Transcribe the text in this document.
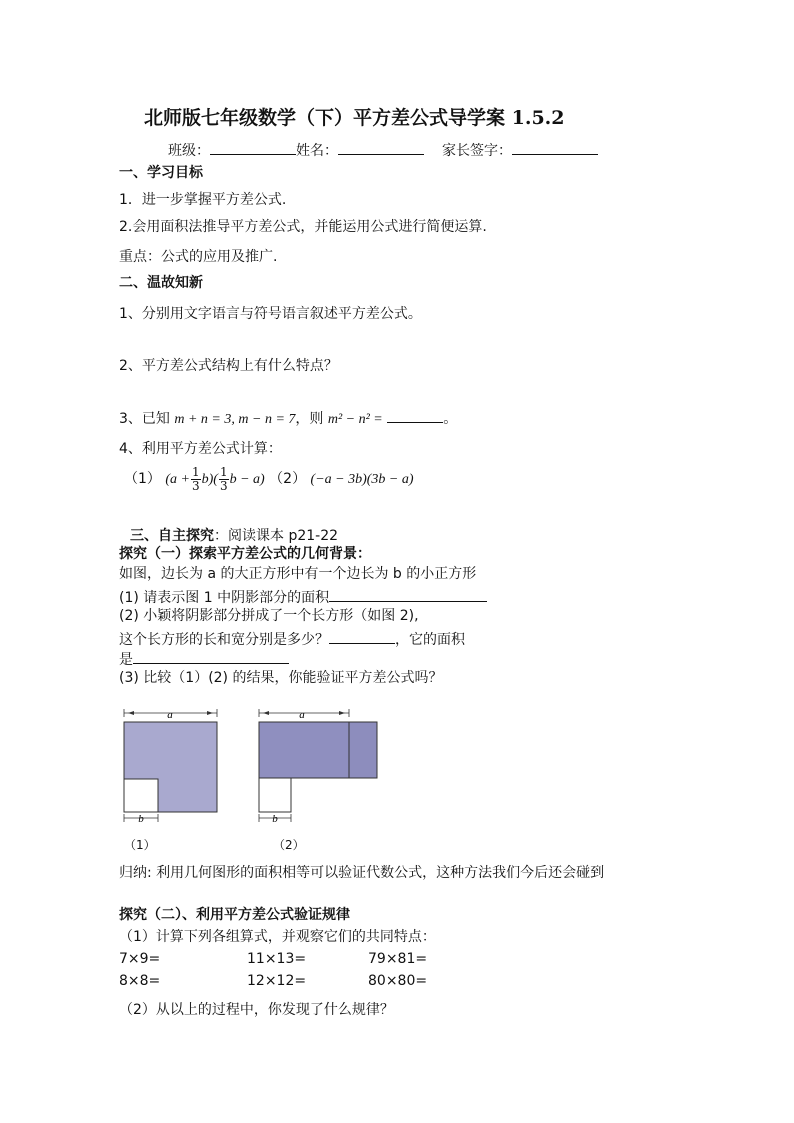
北师版七年级数学（下）平方差公式导学案 1.5.2
班级：	姓名：	家长签字：
一、学习目标
1．进一步掌握平方差公式.
2.会用面积法推导平方差公式，并能运用公式进行简便运算.
重点：公式的应用及推广.
二、温故知新
1、分别用文字语言与符号语言叙述平方差公式。
2、平方差公式结构上有什么特点？
3、已知 m + n = 3, m − n = 7，则 m² − n² =	。
4、利用平方差公式计算：
（1） $(a + \frac{1}{3} b)( \frac{1}{3}$ b − a) （2） (−a − 3b)(3b − a)
三、自主探究：阅读课本 p21-22
探究（一）探索平方差公式的几何背景：
如图，边长为 a 的大正方形中有一个边长为 b 的小正方形
(1) 请表示图 1 中阴影部分的面积
(2) 小颖将阴影部分拼成了一个长方形（如图 2),
这个长方形的长和宽分别是多少？	，它的面积
是
(3) 比较（1）(2) 的结果，你能验证平方差公式吗？
a
b
a
b
（1）	（2）
归纳: 利用几何图形的面积相等可以验证代数公式，这种方法我们今后还会碰到
探究（二）、利用平方差公式验证规律
（1）计算下列各组算式，并观察它们的共同特点：
7×9=	11×13=	79×81=
8×8=	12×12=	80×80=
（2）从以上的过程中，你发现了什么规律？
